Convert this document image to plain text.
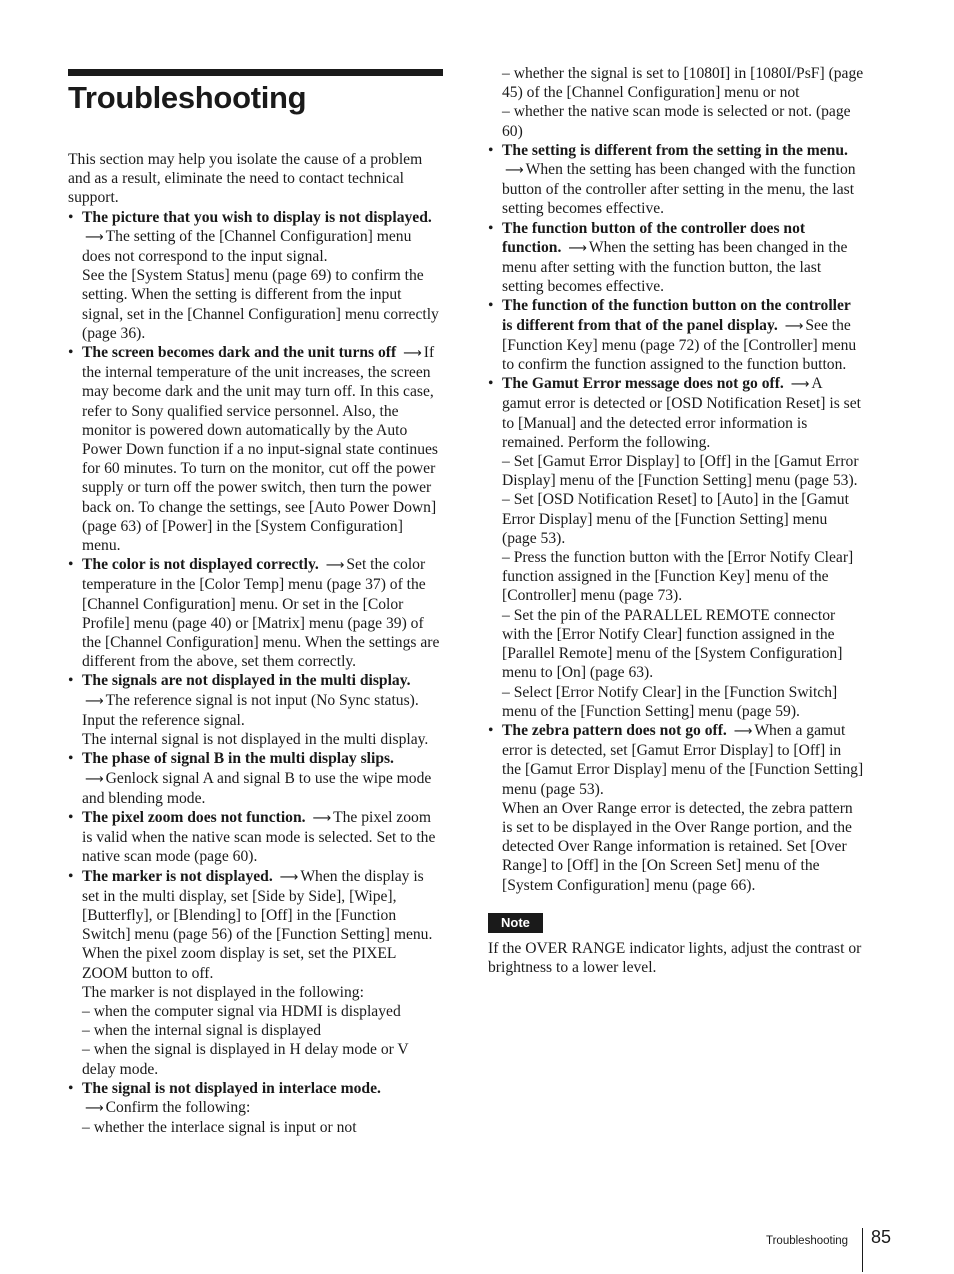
Troubleshooting

This section may help you isolate the cause of a problem and as a result, eliminate the need to contact technical support.

• The picture that you wish to display is not displayed. ⟶ The setting of the [Channel Configuration] menu does not correspond to the input signal.
See the [System Status] menu (page 69) to confirm the setting. When the setting is different from the input signal, set in the [Channel Configuration] menu correctly (page 36).
• The screen becomes dark and the unit turns off ⟶ If the internal temperature of the unit increases, the screen may become dark and the unit may turn off. In this case, refer to Sony qualified service personnel. Also, the monitor is powered down automatically by the Auto Power Down function if a no input-signal state continues for 60 minutes. To turn on the monitor, cut off the power supply or turn off the power switch, then turn the power back on. To change the settings, see [Auto Power Down] (page 63) of [Power] in the [System Configuration] menu.
• The color is not displayed correctly. ⟶ Set the color temperature in the [Color Temp] menu (page 37) of the [Channel Configuration] menu. Or set in the [Color Profile] menu (page 40) or [Matrix] menu (page 39) of the [Channel Configuration] menu. When the settings are different from the above, set them correctly.
• The signals are not displayed in the multi display. ⟶ The reference signal is not input (No Sync status). Input the reference signal.
The internal signal is not displayed in the multi display.
• The phase of signal B in the multi display slips. ⟶ Genlock signal A and signal B to use the wipe mode and blending mode.
• The pixel zoom does not function. ⟶ The pixel zoom is valid when the native scan mode is selected. Set to the native scan mode (page 60).
• The marker is not displayed. ⟶ When the display is set in the multi display, set [Side by Side], [Wipe], [Butterfly], or [Blending] to [Off] in the [Function Switch] menu (page 56) of the [Function Setting] menu. When the pixel zoom display is set, set the PIXEL ZOOM button to off.
The marker is not displayed in the following:
– when the computer signal via HDMI is displayed
– when the internal signal is displayed
– when the signal is displayed in H delay mode or V delay mode.
• The signal is not displayed in interlace mode. ⟶ Confirm the following:
– whether the interlace signal is input or not
– whether the signal is set to [1080I] in [1080I/PsF] (page 45) of the [Channel Configuration] menu or not
– whether the native scan mode is selected or not. (page 60)
• The setting is different from the setting in the menu. ⟶ When the setting has been changed with the function button of the controller after setting in the menu, the last setting becomes effective.
• The function button of the controller does not function. ⟶ When the setting has been changed in the menu after setting with the function button, the last setting becomes effective.
• The function of the function button on the controller is different from that of the panel display. ⟶ See the [Function Key] menu (page 72) of the [Controller] menu to confirm the function assigned to the function button.
• The Gamut Error message does not go off. ⟶ A gamut error is detected or [OSD Notification Reset] is set to [Manual] and the detected error information is remained. Perform the following.
– Set [Gamut Error Display] to [Off] in the [Gamut Error Display] menu of the [Function Setting] menu (page 53).
– Set [OSD Notification Reset] to [Auto] in the [Gamut Error Display] menu of the [Function Setting] menu (page 53).
– Press the function button with the [Error Notify Clear] function assigned in the [Function Key] menu of the [Controller] menu (page 73).
– Set the pin of the PARALLEL REMOTE connector with the [Error Notify Clear] function assigned in the [Parallel Remote] menu of the [System Configuration] menu to [On] (page 63).
– Select [Error Notify Clear] in the [Function Switch] menu of the [Function Setting] menu (page 59).
• The zebra pattern does not go off. ⟶ When a gamut error is detected, set [Gamut Error Display] to [Off] in the [Gamut Error Display] menu of the [Function Setting] menu (page 53).
When an Over Range error is detected, the zebra pattern is set to be displayed in the Over Range portion, and the detected Over Range information is retained. Set [Over Range] to [Off] in the [On Screen Set] menu of the [System Configuration] menu (page 66).
Note

If the OVER RANGE indicator lights, adjust the contrast or brightness to a lower level.

Troubleshooting 85
